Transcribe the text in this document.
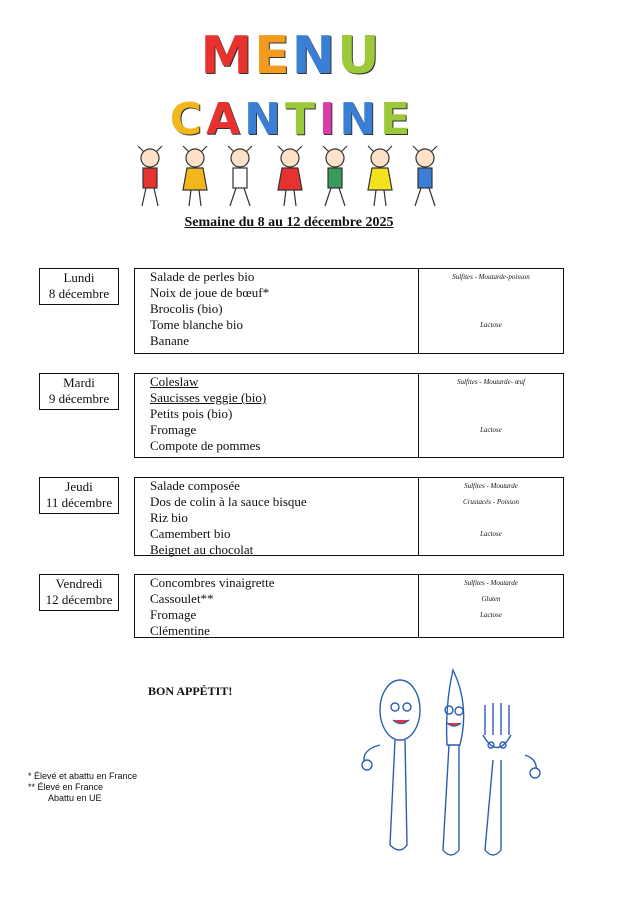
MENU
CANTINE
Semaine du 8 au 12 décembre 2025
Lundi
8 décembre
Salade de perles bio
Noix de joue de bœuf*
Brocolis (bio)
Tome blanche bio
Banane
Sulfites - Moutarde-poisson
Lactose
Mardi
9 décembre
Coleslaw
Saucisses veggie (bio)
Petits pois (bio)
Fromage
Compote de pommes
Sulfites - Moutarde- œuf
Lactose
Jeudi
11 décembre
Salade composée
Dos de colin à la sauce bisque
Riz bio
Camembert bio
Beignet au chocolat
Sulfites - Moutarde
Crustacés - Poisson
Lactose
Vendredi
12 décembre
Concombres vinaigrette
Cassoulet**
Fromage
Clémentine
Sulfites - Moutarde
Gluten
Lactose
BON APPÉTIT!
* Élevé et abattu en France
** Élevé en France
Abattu en UE
